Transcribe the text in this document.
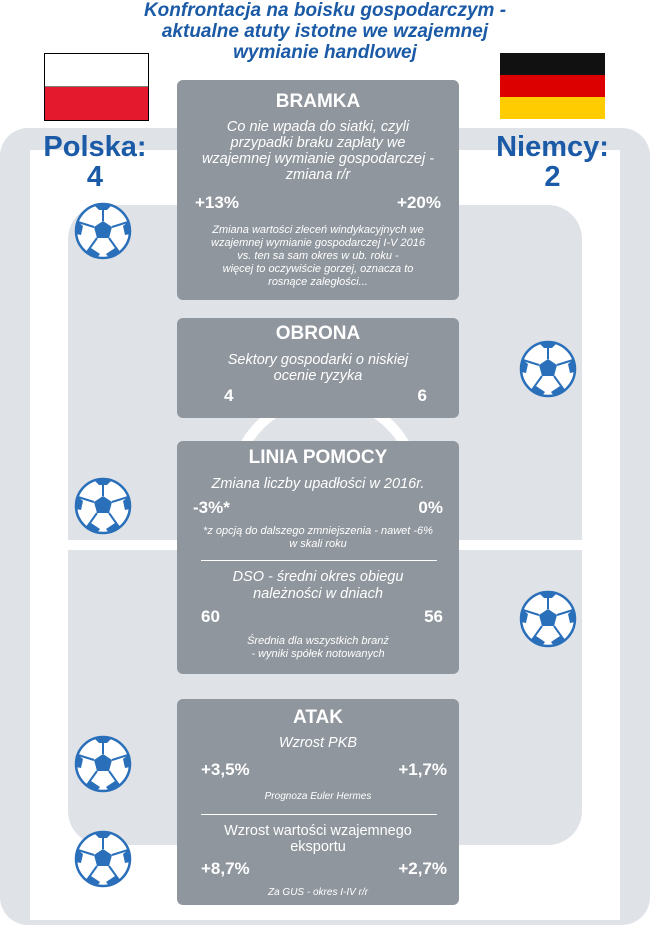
Konfrontacja na boisku gospodarczym -
aktualne atuty istotne we wzajemnej
wymianie handlowej
Polska:
4
Niemcy:
2
BRAMKA
Co nie wpada do siatki, czyli
przypadki braku zapłaty we
wzajemnej wymianie gospodarczej -
zmiana r/r
+13%	+20%
Zmiana wartości zleceń windykacyjnych we
wzajemnej wymianie gospodarczej I-V 2016
vs. ten sa sam okres w ub. roku -
więcej to oczywiście gorzej, oznacza to
rosnące zaległości...
OBRONA
Sektory gospodarki o niskiej
ocenie ryzyka
4	6
LINIA POMOCY
Zmiana liczby upadłości w 2016r.
-3%*	0%
*z opcją do dalszego zmniejszenia - nawet -6%
w skali roku
DSO - średni okres obiegu
należności w dniach
60	56
Średnia dla wszystkich branż
- wyniki spółek notowanych
ATAK
Wzrost PKB
+3,5%	+1,7%
Prognoza Euler Hermes
Wzrost wartości wzajemnego
eksportu
+8,7%	+2,7%
Za GUS - okres I-IV r/r
